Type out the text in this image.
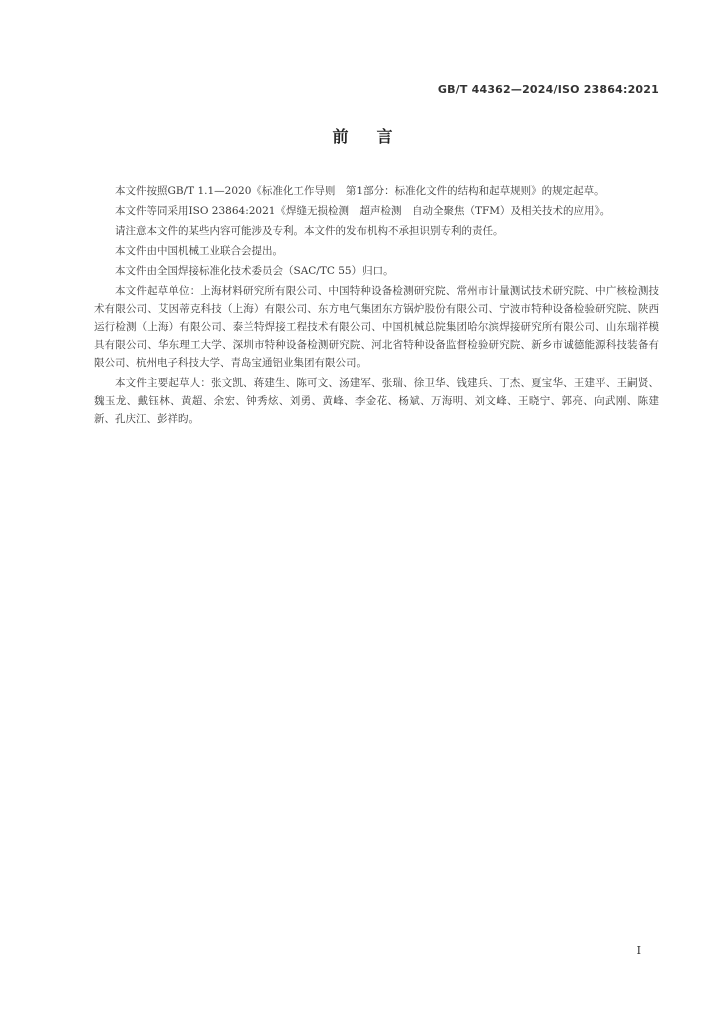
GB/T 44362—2024/ISO 23864:2021
前言

本文件按照GB/T 1.1—2020《标准化工作导则　第1部分：标准化文件的结构和起草规则》的规定起草。

本文件等同采用ISO 23864:2021《焊缝无损检测　超声检测　自动全聚焦（TFM）及相关技术的应用》。

请注意本文件的某些内容可能涉及专利。本文件的发布机构不承担识别专利的责任。

本文件由中国机械工业联合会提出。

本文件由全国焊接标准化技术委员会（SAC/TC 55）归口。

本文件起草单位：上海材料研究所有限公司、中国特种设备检测研究院、常州市计量测试技术研究院、中广核检测技术有限公司、艾因蒂克科技（上海）有限公司、东方电气集团东方锅炉股份有限公司、宁波市特种设备检验研究院、陕西运行检测（上海）有限公司、泰兰特焊接工程技术有限公司、中国机械总院集团哈尔滨焊接研究所有限公司、山东瑞祥模具有限公司、华东理工大学、深圳市特种设备检测研究院、河北省特种设备监督检验研究院、新乡市诚德能源科技装备有限公司、杭州电子科技大学、青岛宝通铝业集团有限公司。

本文件主要起草人：张文凯、蒋建生、陈可文、汤建军、张瑞、徐卫华、钱建兵、丁杰、夏宝华、王建平、王嗣贤、魏玉龙、戴钰林、黄超、余宏、钟秀炫、刘勇、黄峰、李金花、杨斌、万海明、刘文峰、王晓宁、郭亮、向武刚、陈建新、孔庆江、彭祥昀。

I
